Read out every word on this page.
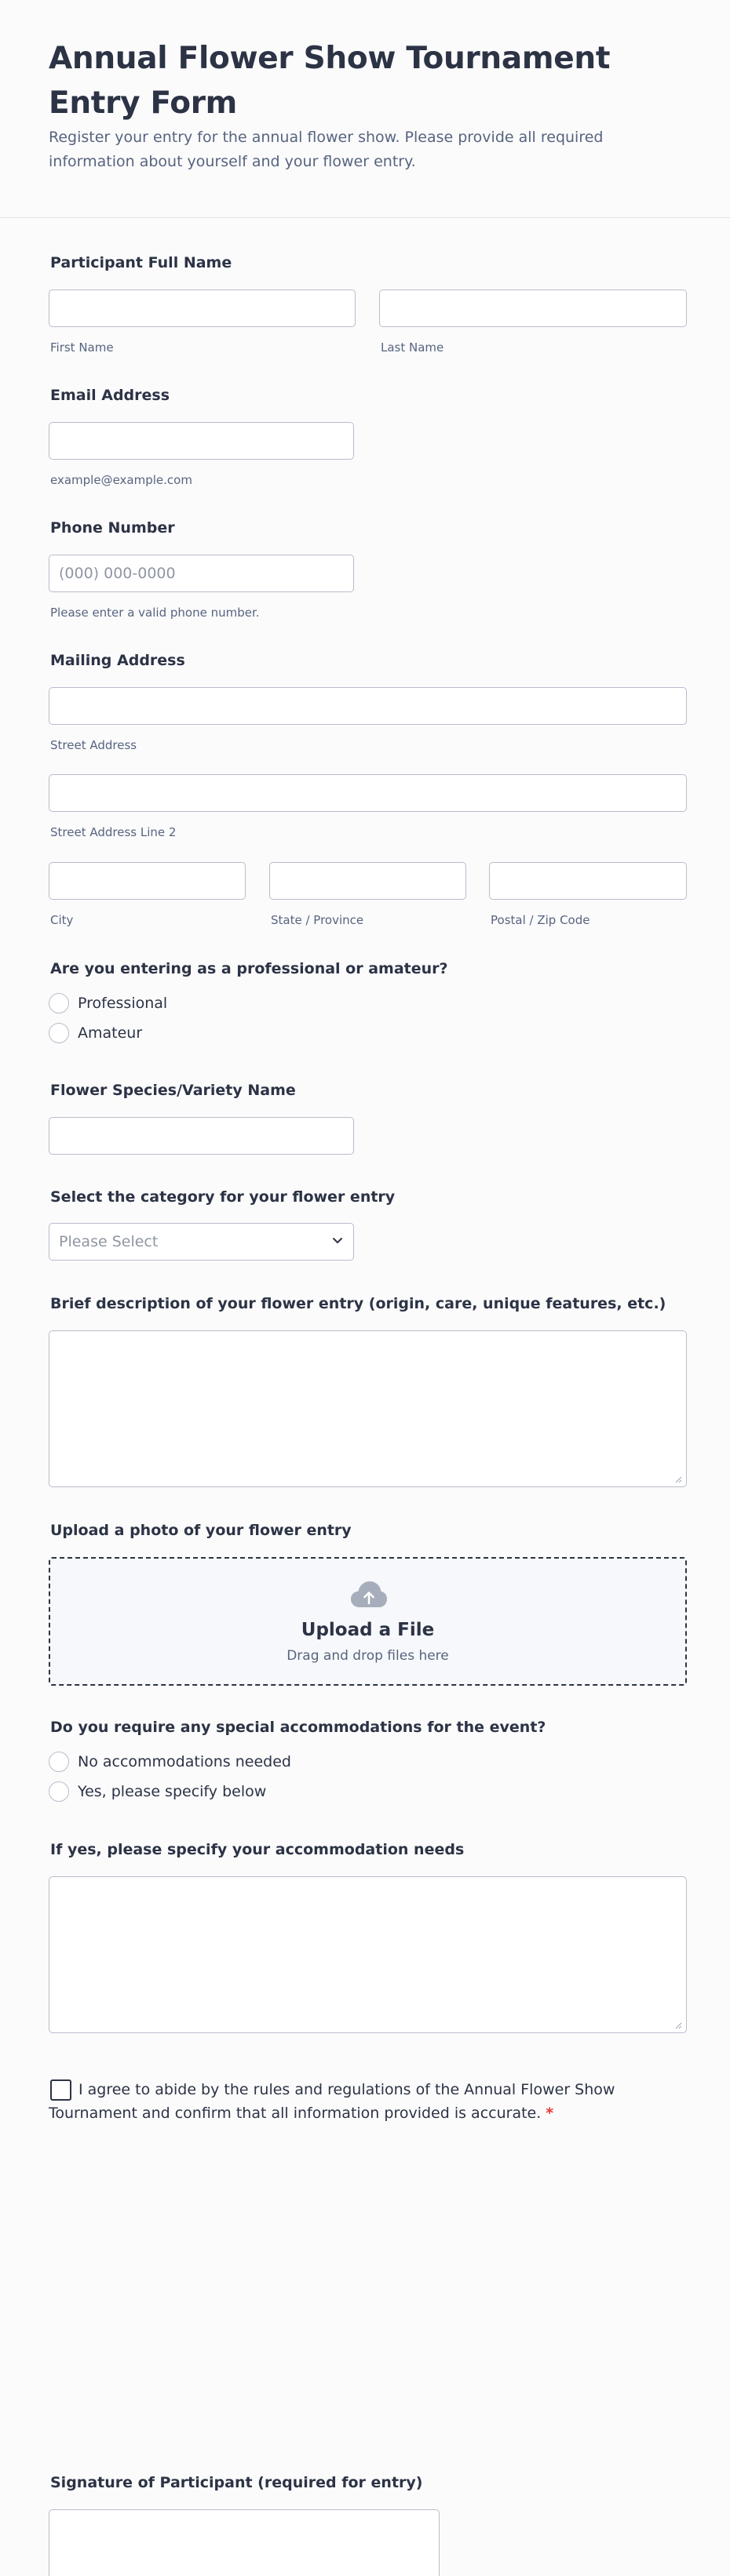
Annual Flower Show Tournament Entry Form

Register your entry for the annual flower show. Please provide all required information about yourself and your flower entry.

Participant Full Name
First Name	Last Name
Email Address
example@example.com
Phone Number
(000) 000-0000
Please enter a valid phone number.
Mailing Address
Street Address
Street Address Line 2
City	State / Province	Postal / Zip Code
Are you entering as a professional or amateur?
Professional
Amateur
Flower Species/Variety Name
Select the category for your flower entry
Please Select
Brief description of your flower entry (origin, care, unique features, etc.)
Upload a photo of your flower entry
Upload a File
Drag and drop files here
Do you require any special accommodations for the event?
No accommodations needed
Yes, please specify below
If yes, please specify your accommodation needs
I agree to abide by the rules and regulations of the Annual Flower Show Tournament and confirm that all information provided is accurate. *
Signature of Participant (required for entry)
